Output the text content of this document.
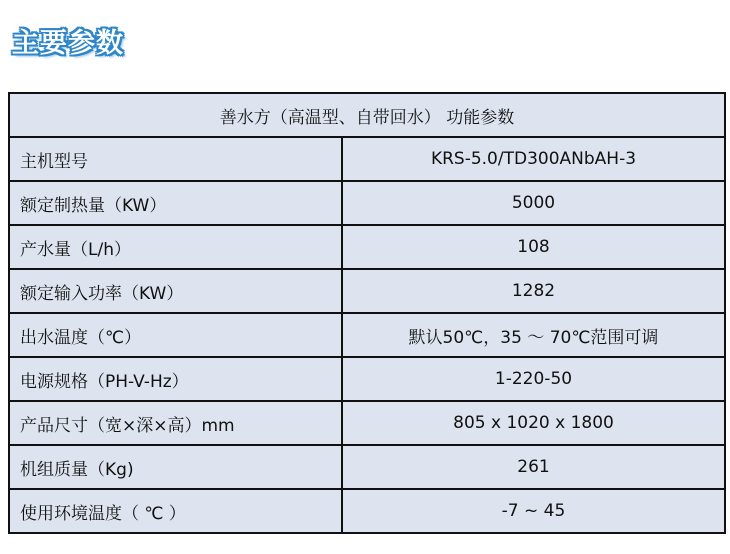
主要参数
善水方（高温型、自带回水） 功能参数	
主机型号	KRS-5.0/TD300ANbAH-3
额定制热量（KW）	5000
产水量（L/h）	108
额定输入功率（KW）	1282
出水温度（℃）	默认50℃，35 ～ 70℃范围可调
电源规格（PH-V-Hz）	1-220-50
产品尺寸（宽×深×高）mm	805 x 1020 x 1800
机组质量（Kg)	261
使用环境温度（ ℃ ）	-7 ~ 45
